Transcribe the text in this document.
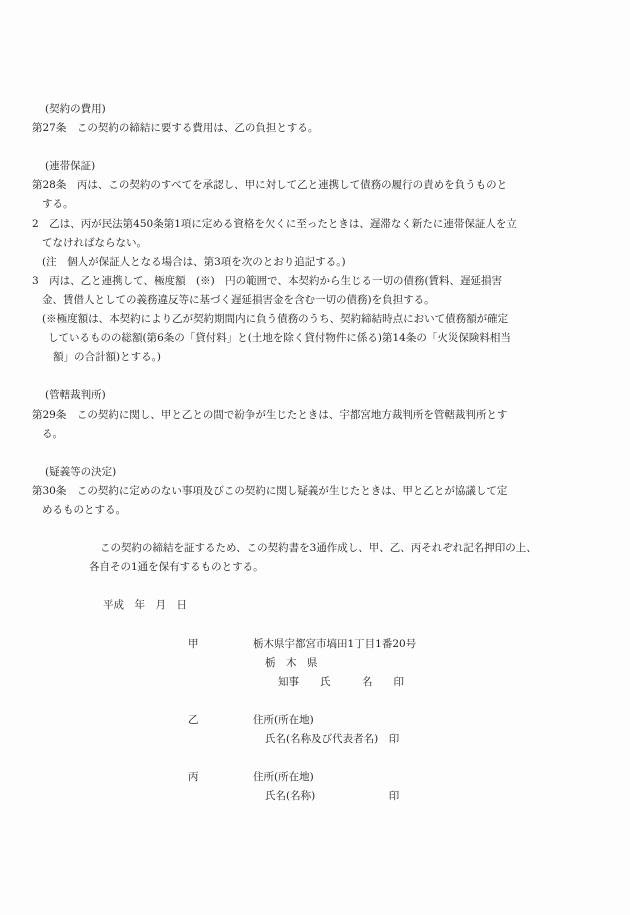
(契約の費用)
第27条　この契約の締結に要する費用は、乙の負担とする。
(連帯保証)
第28条　丙は、この契約のすべてを承認し、甲に対して乙と連携して債務の履行の責めを負うものと
する。
2　乙は、丙が民法第450条第1項に定める資格を欠くに至ったときは、遅滞なく新たに連帯保証人を立
てなければならない。
(注　個人が保証人となる場合は、第3項を次のとおり追記する。)
3　丙は、乙と連携して、極度額　(※)　円の範囲で、本契約から生じる一切の債務(賃料、遅延損害
金、賃借人としての義務違反等に基づく遅延損害金を含む一切の債務)を負担する。
(※極度額は、本契約により乙が契約期間内に負う債務のうち、契約締結時点において債務額が確定
しているものの総額(第6条の「貸付料」と(土地を除く貸付物件に係る)第14条の「火災保険料相当
額」の合計額)とする。)
(管轄裁判所)
第29条　この契約に関し、甲と乙との間で紛争が生じたときは、宇都宮地方裁判所を管轄裁判所とす
る。
(疑義等の決定)
第30条　この契約に定めのない事項及びこの契約に関し疑義が生じたときは、甲と乙とが協議して定
めるものとする。
この契約の締結を証するため、この契約書を3通作成し、甲、乙、丙それぞれ記名押印の上、
各自その1通を保有するものとする。
平成　年　月　日
甲	栃木県宇都宮市塙田1丁目1番20号
栃　木　県
知事　　氏　　　名　　印
乙	住所(所在地)
氏名(名称及び代表者名)　印
丙	住所(所在地)
氏名(名称)　　　　　　　印
